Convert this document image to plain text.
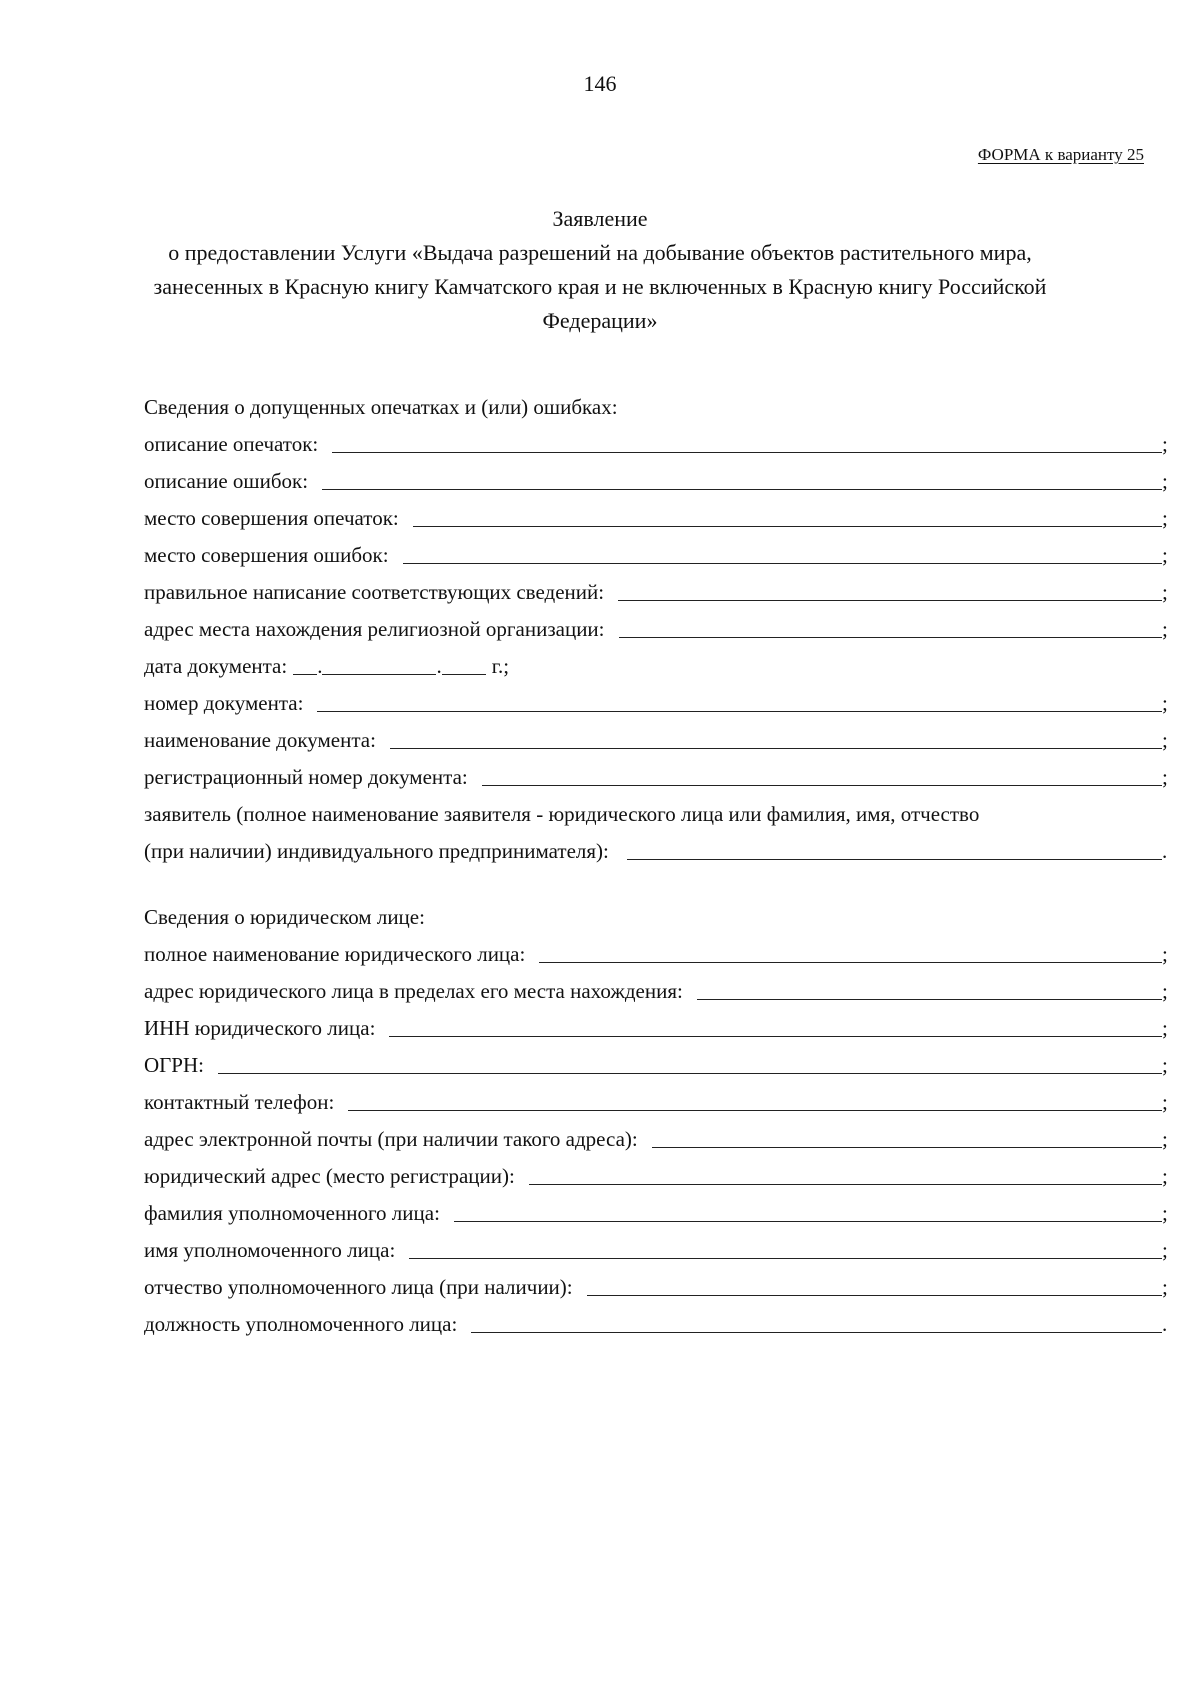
146
ФОРМА к варианту 25
Заявление
о предоставлении Услуги «Выдача разрешений на добывание объектов растительного мира,
занесенных в Красную книгу Камчатского края и не включенных в Красную книгу Российской
Федерации»
Сведения о допущенных опечатках и (или) ошибках:
описание опечаток:	;
описание ошибок:	;
место совершения опечаток:	;
место совершения ошибок:	;
правильное написание соответствующих сведений:	;
адрес места нахождения религиозной организации:	;
дата документа: .	. г.;
номер документа:	;
наименование документа:	;
регистрационный номер документа:	;
заявитель (полное наименование заявителя - юридического лица или фамилия, имя, отчество
(при наличии) индивидуального предпринимателя):	.
Сведения о юридическом лице:
полное наименование юридического лица:	;
адрес юридического лица в пределах его места нахождения:	;
ИНН юридического лица:	;
ОГРН:	;
контактный телефон:	;
адрес электронной почты (при наличии такого адреса):	;
юридический адрес (место регистрации):	;
фамилия уполномоченного лица:	;
имя уполномоченного лица:	;
отчество уполномоченного лица (при наличии):	;
должность уполномоченного лица:	.
